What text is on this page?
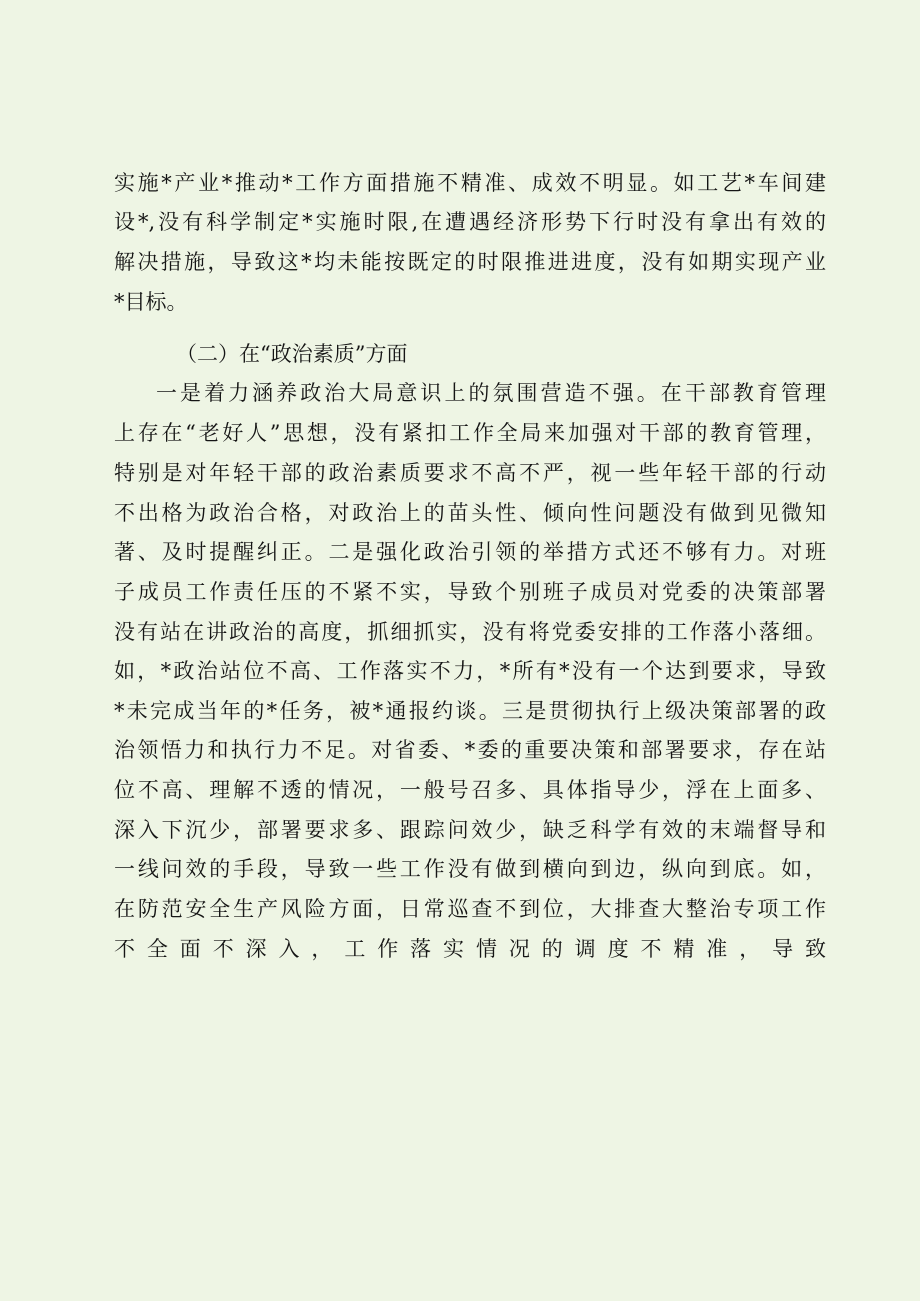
实施*产业*推动*工作方面措施不精准、成效不明显。如工艺*车间建
设*,没有科学制定*实施时限,在遭遇经济形势下行时没有拿出有效的
解决措施，导致这*均未能按既定的时限推进进度，没有如期实现产业
*目标。
（二）在“政治素质”方面
一是着力涵养政治大局意识上的氛围营造不强。在干部教育管理
上存在“老好人”思想，没有紧扣工作全局来加强对干部的教育管理，
特别是对年轻干部的政治素质要求不高不严，视一些年轻干部的行动
不出格为政治合格，对政治上的苗头性、倾向性问题没有做到见微知
著、及时提醒纠正。二是强化政治引领的举措方式还不够有力。对班
子成员工作责任压的不紧不实，导致个别班子成员对党委的决策部署
没有站在讲政治的高度，抓细抓实，没有将党委安排的工作落小落细。
如，*政治站位不高、工作落实不力，*所有*没有一个达到要求，导致
*未完成当年的*任务，被*通报约谈。三是贯彻执行上级决策部署的政
治领悟力和执行力不足。对省委、*委的重要决策和部署要求，存在站
位不高、理解不透的情况，一般号召多、具体指导少，浮在上面多、
深入下沉少，部署要求多、跟踪问效少，缺乏科学有效的末端督导和
一线问效的手段，导致一些工作没有做到横向到边，纵向到底。如，
在防范安全生产风险方面，日常巡查不到位，大排查大整治专项工作
不全面不深入，工作落实情况的调度不精准，导致
